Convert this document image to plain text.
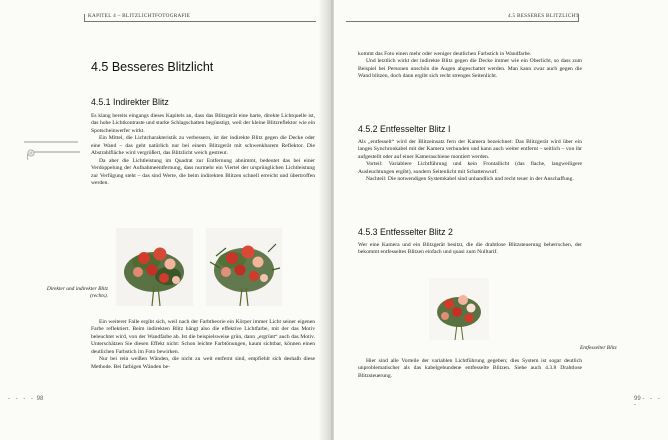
KAPITEL 4 – BLITZLICHTFOTOGRAFIE
4.5 Besseres Blitzlicht
4.5.1 Indirekter Blitz

Es klang bereits eingangs dieses Kapitels an, dass das Blitzgerät eine harte, direkte Lichtquelle ist, das hohe Lichtkontraste und starke Schlagschatten begünstigt, weil der kleine Blitzreflektor wie ein Spotscheinwerfer wirkt.

Ein Mittel, die Lichtcharakteristik zu verbessern, ist der indirekte Blitz gegen die Decke oder eine Wand – das geht natürlich nur bei einem Blitzgerät mit schwenkbarem Reflektor. Die Abstrahlfläche wird vergrößert, das Blitzlicht weich gestreut.

Da aber die Lichtleistung im Quadrat zur Entfernung abnimmt, bedeutet das bei einer Verdoppelung der Aufnahmeentfernung, dass nurmehr ein Viertel der ursprünglichen Lichtleistung zur Verfügung steht – das sind Werte, die beim indirekten Blitzen schnell erreicht und übertroffen werden.

Direkter und indirekter Blitz (rechts).

Ein weiterer Falle ergibt sich, weil nach der Farbtheorie ein Körper immer Licht seiner eigenen Farbe reflektiert. Beim indirekten Blitz hängt also die effektive Lichtfarbe, mit der das Motiv beleuchtet wird, von der Wandfarbe ab. Ist die beispielsweise grün, dann „ergrünt“ auch das Motiv. Unterschätzen Sie diesen Effekt nicht: Schon leichte Farbtönungen, kaum sichtbar, können einen deutlichen Farbstich im Foto bewirken.

Nur bei rein weißen Wänden, die nicht zu weit entfernt sind, empfiehlt sich deshalb diese Methode. Bei farbigen Wänden be-

- - - - 98
4.5 BESSERES BLITZLICHT

kommt das Foto einen mehr oder weniger deutlichen Farbstich in Wandfarbe.

Und letztlich wirkt der indirekte Blitz gegen die Decke immer wie ein Oberlicht, so dass zum Beispiel bei Personen unschön die Augen abgeschattet werden. Man kann zwar auch gegen die Wand blitzen, doch dann ergibt sich recht strenges Seitenlicht.

4.5.2 Entfesselter Blitz I

Als „entfesselt“ wird der Blitzeinsatz fern der Kamera bezeichnet: Das Blitzgerät wird über ein langes Synchronkabel mit der Kamera verbunden und kann auch weiter entfernt – seitlich – von ihr aufgestellt oder auf einer Kameraschiene montiert werden.

Vorteil: Variablere Lichtführung und kein Frontallicht (das flache, langweiligere Ausleuchtungen ergibt), sondern Seitenlicht mit Schattenwurf.

Nachteil: Die notwendigen Systemkabel sind unhandlich und recht teuer in der Anschaffung.

4.5.3 Entfesselter Blitz 2

Wer eine Kamera und ein Blitzgerät besitzt, die die drahtlose Blitzsteuerung beherrschen, der bekommt entfesseltes Blitzen einfach und quasi zum Nulltarif.

Entfesselter Blitz

Hier sind alle Vorteile der variablen Lichtführung gegeben; dies System ist sogar deutlich unproblematischer als das kabelgebundene entfesselte Blitzen. Siehe auch 4.3.8 Drahtlose Blitzsteuerung.

99 - - - -
